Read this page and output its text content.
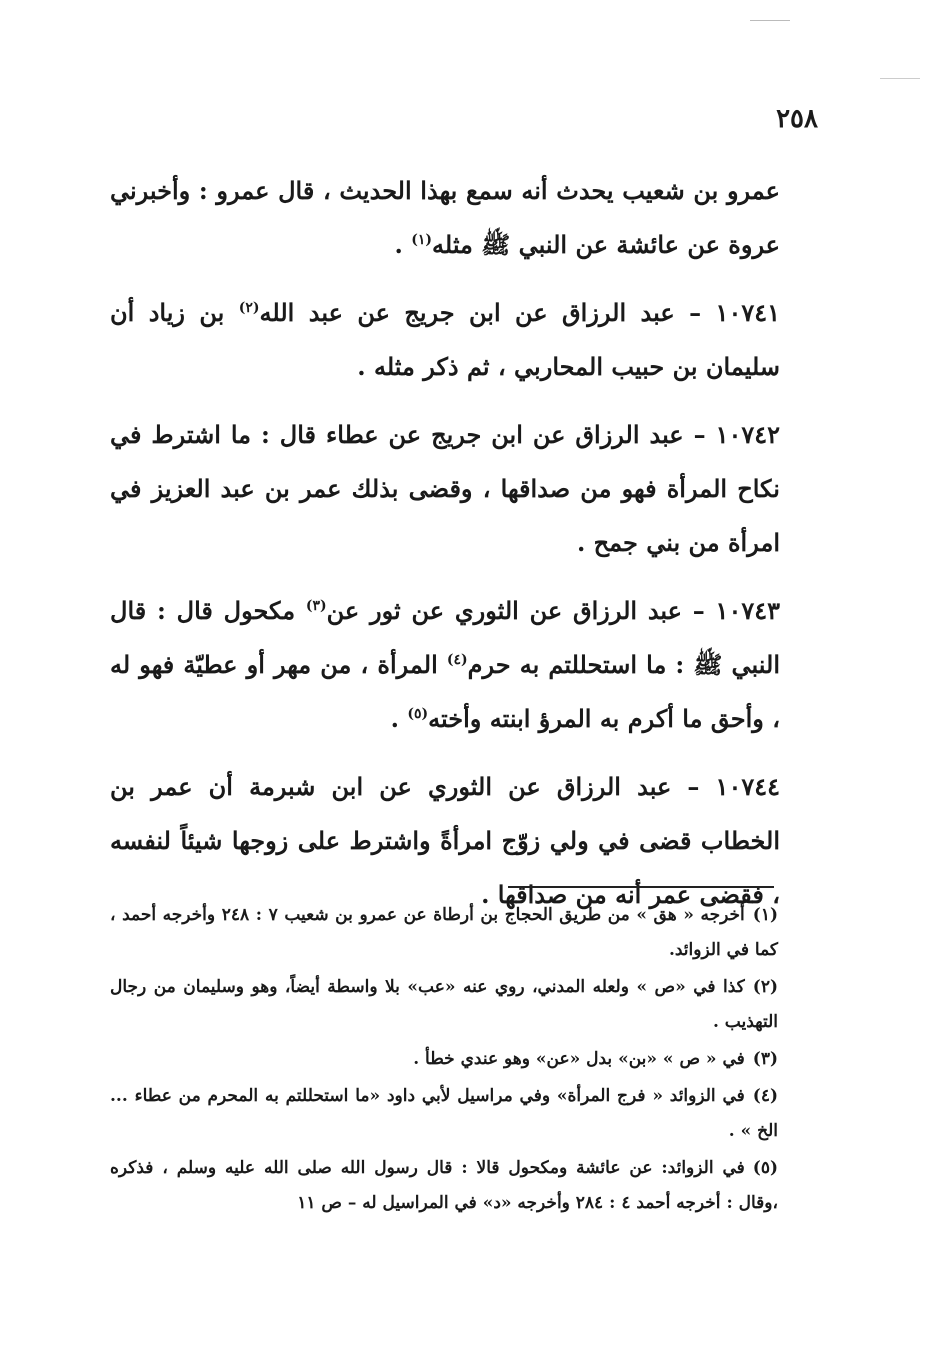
٢٥٨

عمرو بن شعيب يحدث أنه سمع بهذا الحديث ، قال عمرو : وأخبرني عروة عن عائشة عن النبي ﷺ مثله$^{(١)}$ .

١٠٧٤١ – عبد الرزاق عن ابن جريج عن عبد الله$^{(٢)}$ بن زياد أن سليمان بن حبيب المحاربي ، ثم ذكر مثله .

١٠٧٤٢ – عبد الرزاق عن ابن جريج عن عطاء قال : ما اشترط في نكاح المرأة فهو من صداقها ، وقضى بذلك عمر بن عبد العزيز في امرأة من بني جمح .

١٠٧٤٣ – عبد الرزاق عن الثوري عن ثور عن$^{(٣)}$ مكحول قال : قال النبي ﷺ : ما استحللتم به حرم$^{(٤)}$ المرأة ، من مهر أو عطيّة فهو له ، وأحق ما أكرم به المرؤ ابنته وأخته$^{(٥)}$ .

١٠٧٤٤ – عبد الرزاق عن الثوري عن ابن شبرمة أن عمر بن الخطاب قضى في ولي زوّج امرأةً واشترط على زوجها شيئاً لنفسه ، فقضى عمر أنه من صداقها .

(١)أخرجه « هق » من طريق الحجاج بن أرطاة عن عمرو بن شعيب ٧ : ٢٤٨ وأخرجه أحمد ، كما في الزوائد.
(٢)كذا في «ص » ولعله المدني، روي عنه «عب» بلا واسطة أيضاً، وهو وسليمان من رجال التهذيب .
(٣)في « ص » «بن» بدل «عن» وهو عندي خطأ .
(٤)في الزوائد « فرج المرأة» وفي مراسيل لأبي داود «ما استحللتم به المحرم من عطاء ... الخ » .
(٥)في الزوائد: عن عائشة ومكحول قالا : قال رسول الله صلى الله عليه وسلم ، فذكره ،وقال : أخرجه أحمد ٤ : ٢٨٤ وأخرجه «د» في المراسيل له – ص ١١
